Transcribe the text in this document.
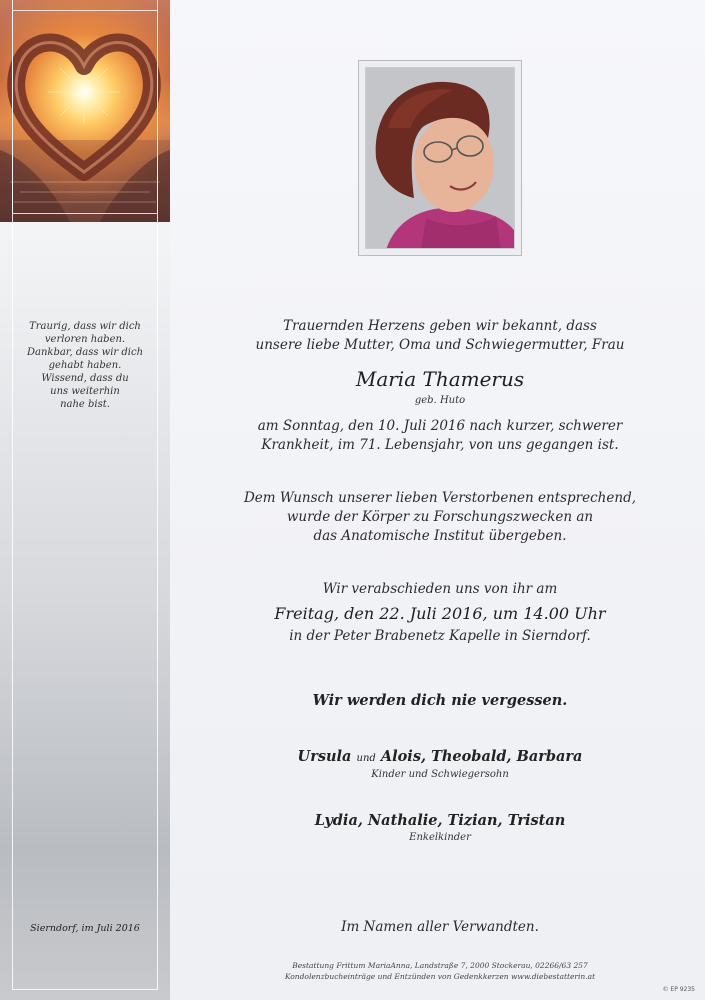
Traurig, dass wir dich
verloren haben.
Dankbar, dass wir dich
gehabt haben.
Wissend, dass du
uns weiterhin
nahe bist.
Sierndorf, im Juli 2016
Trauernden Herzens geben wir bekannt, dass
unsere liebe Mutter, Oma und Schwiegermutter, Frau
Maria Thamerus
geb. Huto
am Sonntag, den 10. Juli 2016 nach kurzer, schwerer
Krankheit, im 71. Lebensjahr, von uns gegangen ist.
Dem Wunsch unserer lieben Verstorbenen entsprechend,
wurde der Körper zu Forschungszwecken an
das Anatomische Institut übergeben.
Wir verabschieden uns von ihr am
Freitag, den 22. Juli 2016, um 14.00 Uhr
in der Peter Brabenetz Kapelle in Sierndorf.
Wir werden dich nie vergessen.
Ursula und Alois, Theobald, Barbara
Kinder und Schwiegersohn
Lydia, Nathalie, Tizian, Tristan
Enkelkinder
Im Namen aller Verwandten.
Bestattung Frittum MariaAnna, Landstraße 7, 2000 Stockerau, 02266/63 257
Kondolenzbucheinträge und Entzünden von Gedenkkerzen www.diebestatterin.at
© EP 9235
